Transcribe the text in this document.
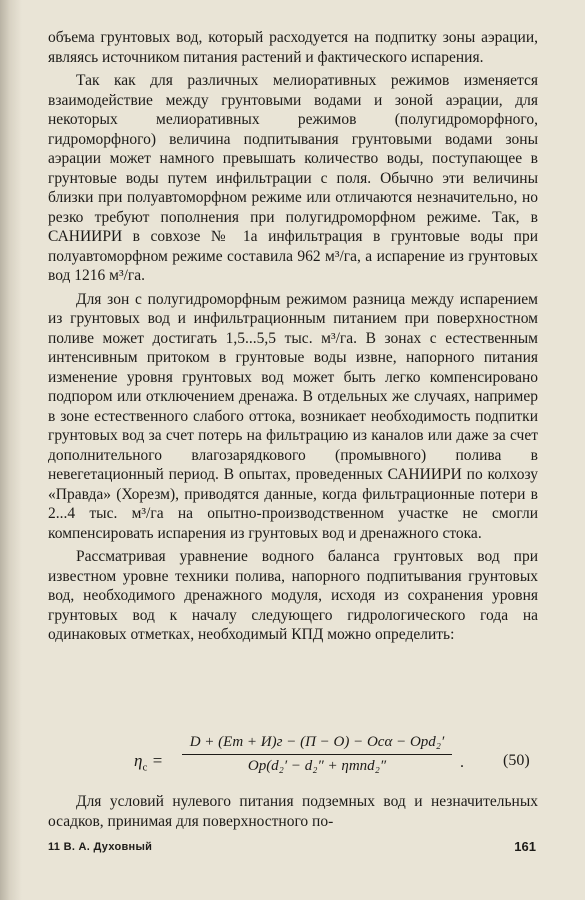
объема грунтовых вод, который расходуется на подпитку зоны аэрации, являясь источником питания растений и фактического испарения.

Так как для различных мелиоративных режимов изменяется взаимодействие между грунтовыми водами и зоной аэрации, для некоторых мелиоративных режимов (полугидроморфного, гидроморфного) величина подпитывания грунтовыми водами зоны аэрации может намного превышать количество воды, поступающее в грунтовые воды путем инфильтрации с поля. Обычно эти величины близки при полуавтоморфном режиме или отличаются незначительно, но резко требуют пополнения при полугидроморфном режиме. Так, в САНИИРИ в совхозе № 1а инфильтрация в грунтовые воды при полуавтоморфном режиме составила 962 м³/га, а испарение из грунтовых вод 1216 м³/га.

Для зон с полугидроморфным режимом разница между испарением из грунтовых вод и инфильтрационным питанием при поверхностном поливе может достигать 1,5...5,5 тыс. м³/га. В зонах с естественным интенсивным притоком в грунтовые воды извне, напорного питания изменение уровня грунтовых вод может быть легко компенсировано подпором или отключением дренажа. В отдельных же случаях, например в зоне естественного слабого оттока, возникает необходимость подпитки грунтовых вод за счет потерь на фильтрацию из каналов или даже за счет дополнительного влагозарядкового (промывного) полива в невегетационный период. В опытах, проведенных САНИИРИ по колхозу «Правда» (Хорезм), приводятся данные, когда фильтрационные потери в 2...4 тыс. м³/га на опытно-производственном участке не смогли компенсировать испарения из грунтовых вод и дренажного стока.

Рассматривая уравнение водного баланса грунтовых вод при известном уровне техники полива, напорного подпитывания грунтовых вод, необходимого дренажного модуля, исходя из сохранения уровня грунтовых вод к началу следующего гидрологического года на одинаковых отметках, необходимый КПД можно определить:

$\eta_с$ =
D + (Eт + И)г − (П − О) − Осα − Орd₂′
Ор(d₂′ − d₂″ + ηmnd₂″	. (50)

Для условий нулевого питания подземных вод и незначительных осадков, принимая для поверхностного по-

11 В. А. Духовный	161
